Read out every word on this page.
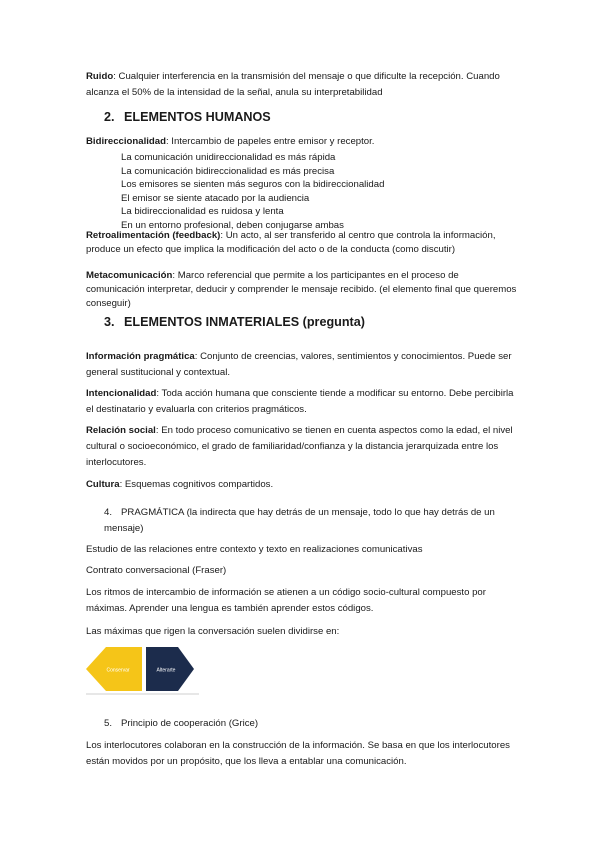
Ruido: Cualquier interferencia en la transmisión del mensaje o que dificulte la recepción. Cuando alcanza el 50% de la intensidad de la señal, anula su interpretabilidad

2. ELEMENTOS HUMANOS

Bidireccionalidad: Intercambio de papeles entre emisor y receptor.

La comunicación unidireccionalidad es más rápida
La comunicación bidireccionalidad es más precisa
Los emisores se sienten más seguros con la bidireccionalidad
El emisor se siente atacado por la audiencia
La bidireccionalidad es ruidosa y lenta
En un entorno profesional, deben conjugarse ambas

Retroalimentación (feedback): Un acto, al ser transferido al centro que controla la información, produce un efecto que implica la modificación del acto o de la conducta (como discutir)

Metacomunicación: Marco referencial que permite a los participantes en el proceso de comunicación interpretar, deducir y comprender le mensaje recibido. (el elemento final que queremos conseguir)

3. ELEMENTOS INMATERIALES (pregunta)

Información pragmática: Conjunto de creencias, valores, sentimientos y conocimientos. Puede ser general sustitucional y contextual.

Intencionalidad: Toda acción humana que consciente tiende a modificar su entorno. Debe percibirla el destinatario y evaluarla con criterios pragmáticos.

Relación social: En todo proceso comunicativo se tienen en cuenta aspectos como la edad, el nivel cultural o socioeconómico, el grado de familiaridad/confianza y la distancia jerarquizada entre los interlocutores.

Cultura: Esquemas cognitivos compartidos.

4. PRAGMÁTICA (la indirecta que hay detrás de un mensaje, todo lo que hay detrás de un mensaje)

Estudio de las relaciones entre contexto y texto en realizaciones comunicativas

Contrato conversacional (Fraser)

Los ritmos de intercambio de información se atienen a un código socio-cultural compuesto por máximas. Aprender una lengua es también aprender estos códigos.

Las máximas que rigen la conversación suelen dividirse en:

Conservar	Alterarte
5. Principio de cooperación (Grice)

Los interlocutores colaboran en la construcción de la información. Se basa en que los interlocutores están movidos por un propósito, que los lleva a entablar una comunicación.
